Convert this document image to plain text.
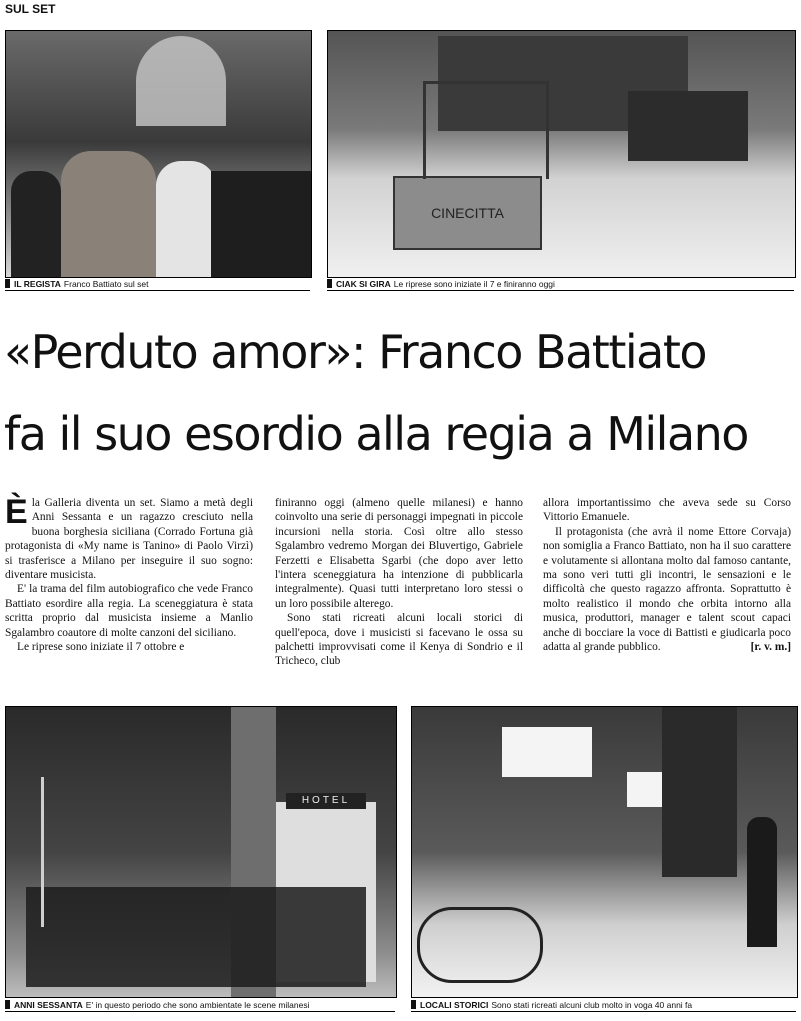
SUL SET
IL REGISTA Franco Battiato sul set
CINECITTA
CIAK SI GIRA Le riprese sono iniziate il 7 e finiranno oggi
«Perduto amor»: Franco Battiato
fa il suo esordio alla regia a Milano

Èla Galleria diventa un set. Siamo a metà degli Anni Sessanta e un ragazzo cresciuto nella buona borghesia siciliana (Corrado Fortuna già protagonista di «My name is Tanino» di Paolo Virzì) si trasferisce a Milano per inseguire il suo sogno: diventare musicista.

E' la trama del film autobiografico che vede Franco Battiato esordire alla regia. La sceneggiatura è stata scritta proprio dal musicista insieme a Manlio Sgalambro coautore di molte canzoni del siciliano.

Le riprese sono iniziate il 7 ottobre e

finiranno oggi (almeno quelle milanesi) e hanno coinvolto una serie di personaggi impegnati in piccole incursioni nella storia. Così oltre allo stesso Sgalambro vedremo Morgan dei Bluvertigo, Gabriele Ferzetti e Elisabetta Sgarbi (che dopo aver letto l'intera sceneggiatura ha intenzione di pubblicarla integralmente). Quasi tutti interpretano loro stessi o un loro possibile alterego.

Sono stati ricreati alcuni locali storici di quell'epoca, dove i musicisti si facevano le ossa su palchetti improvvisati come il Kenya di Sondrio e il Tricheco, club

allora importantissimo che aveva sede su Corso Vittorio Emanuele.

Il protagonista (che avrà il nome Ettore Corvaja) non somiglia a Franco Battiato, non ha il suo carattere e volutamente si allontana molto dal famoso cantante, ma sono veri tutti gli incontri, le sensazioni e le difficoltà che questo ragazzo affronta. Soprattutto è molto realistico il mondo che orbita intorno alla musica, produttori, manager e talent scout capaci anche di bocciare la voce di Battisti e giudicarla poco adatta al grande pubblico.	[r. v. m.]

HOTEL
ANNI SESSANTA E' in questo periodo che sono ambientate le scene milanesi	LOCALI STORICI Sono stati ricreati alcuni club molto in voga 40 anni fa
